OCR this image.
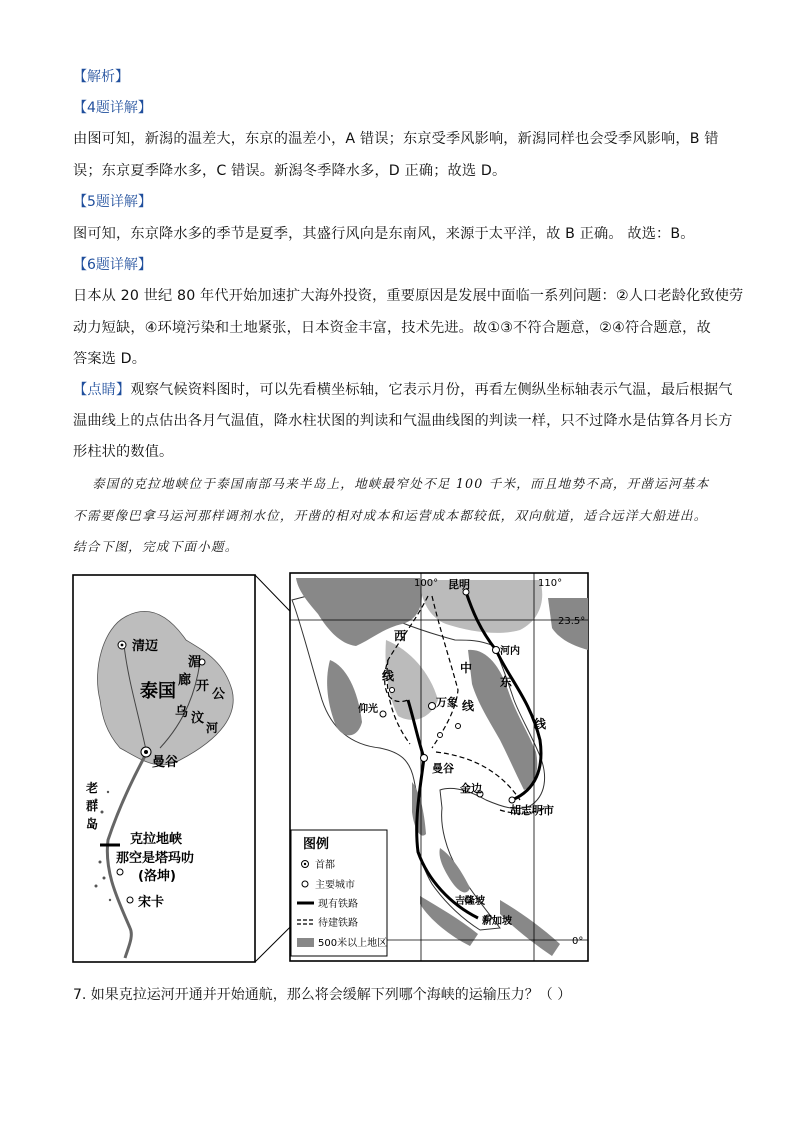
【解析】
【4题详解】
由图可知，新潟的温差大，东京的温差小，A 错误；东京受季风影响，新潟同样也会受季风影响，B 错
误；东京夏季降水多，C 错误。新潟冬季降水多，D 正确；故选 D。
【5题详解】
图可知，东京降水多的季节是夏季，其盛行风向是东南风，来源于太平洋，故 B 正确。 故选：B。
【6题详解】
日本从 20 世纪 80 年代开始加速扩大海外投资，重要原因是发展中面临一系列问题：②人口老龄化致使劳
动力短缺，④环境污染和土地紧张，日本资金丰富，技术先进。故①③不符合题意，②④符合题意，故
答案选 D。
【点睛】观察气候资料图时，可以先看横坐标轴，它表示月份，再看左侧纵坐标轴表示气温，最后根据气
温曲线上的点估出各月气温值，降水柱状图的判读和气温曲线图的判读一样，只不过降水是估算各月长方
形柱状的数值。
泰国的克拉地峡位于泰国南部马来半岛上，地峡最窄处不足 100 千米，而且地势不高，开凿运河基本
不需要像巴拿马运河那样调剂水位，开凿的相对成本和运营成本都较低，双向航道，适合远洋大船进出。
结合下图，完成下面小题。
清迈
泰国
曼谷
湄
廊 开
公
乌 汶
河
老
群
岛
克拉地峡
那空是塔玛叻
(洛坤)
宋卡
100°	110°
23.5°
0°
昆明
河内
仰光
万象
曼谷
金边
胡志明市
吉隆坡
新加坡
西
线
中
线
东
线
图例
首都
主要城市
现有铁路
待建铁路
500米以上地区
7. 如果克拉运河开通并开始通航，那么将会缓解下列哪个海峡的运输压力？（ ）
